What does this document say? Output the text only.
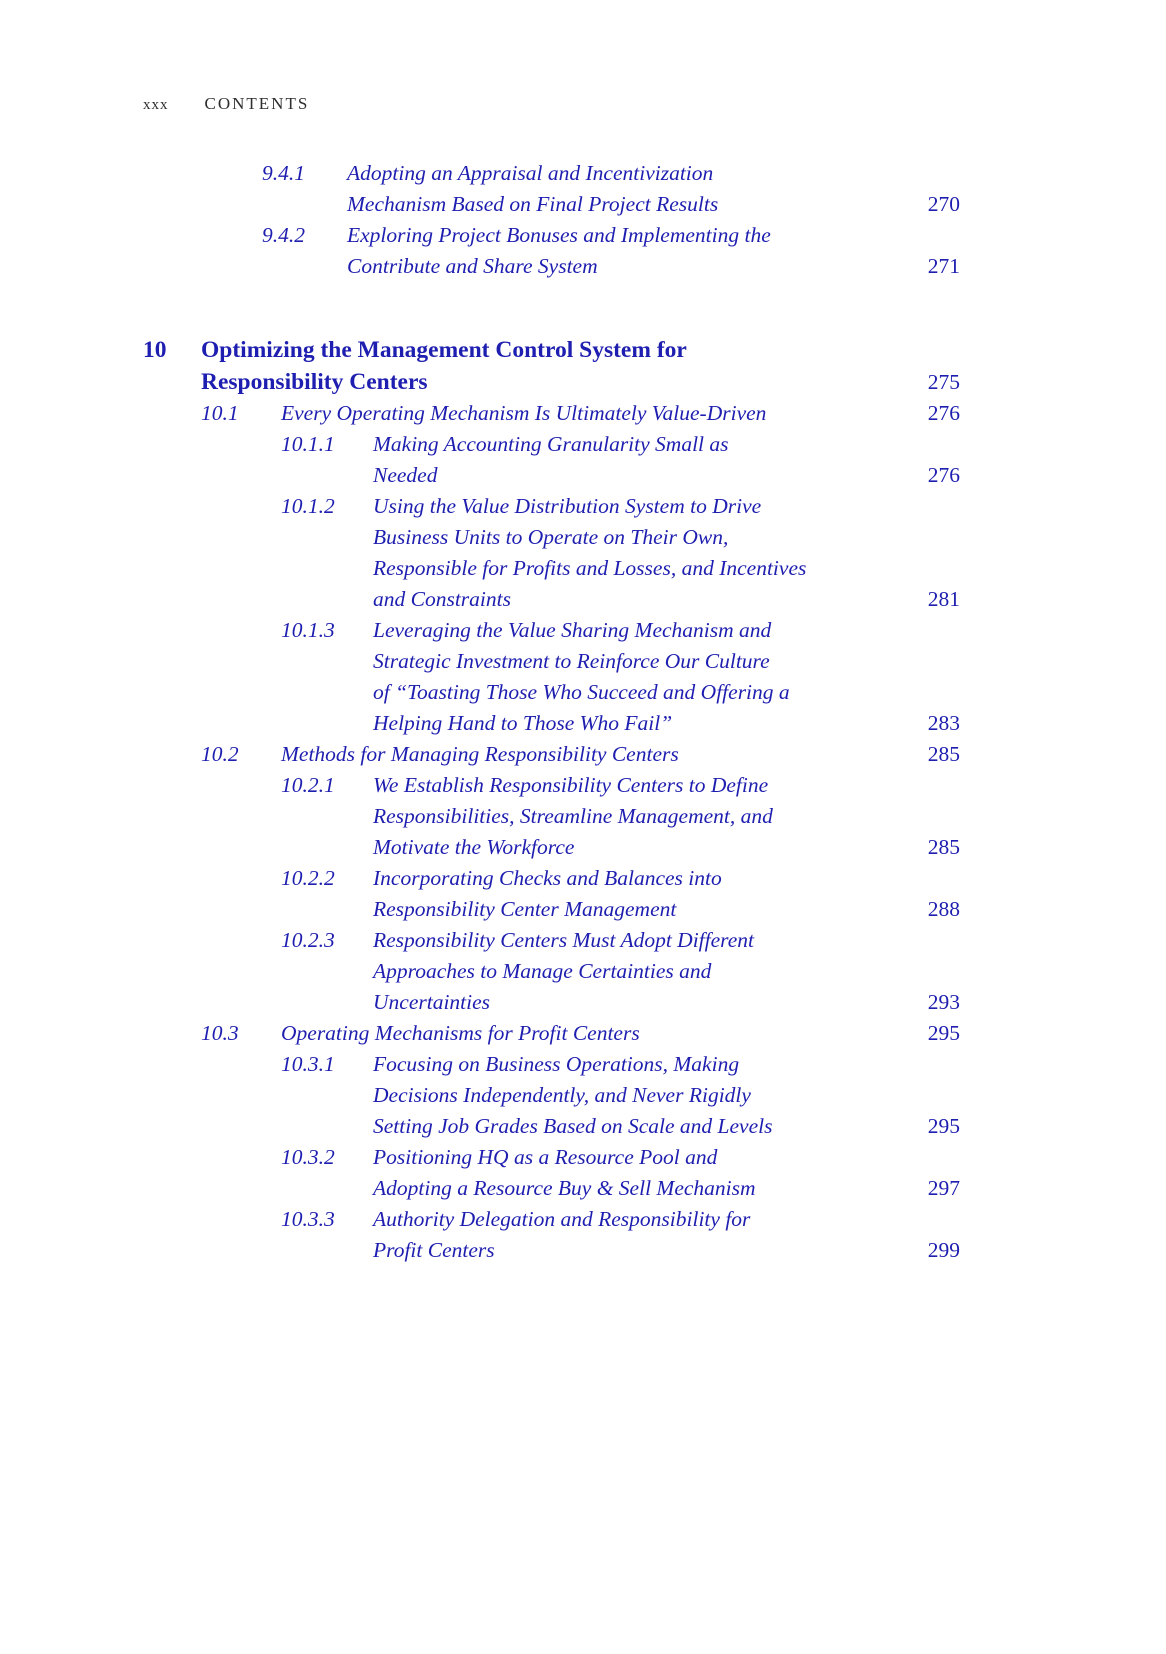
xxx CONTENTS
9.4.1	Adopting an Appraisal and Incentivization
Mechanism Based on Final Project Results	270
9.4.2	Exploring Project Bonuses and Implementing the
Contribute and Share System	271
10	Optimizing the Management Control System for
Responsibility Centers	275
10.1	Every Operating Mechanism Is Ultimately Value-Driven	276
10.1.1	Making Accounting Granularity Small as
Needed	276
10.1.2	Using the Value Distribution System to Drive
Business Units to Operate on Their Own,
Responsible for Profits and Losses, and Incentives
and Constraints	281
10.1.3	Leveraging the Value Sharing Mechanism and
Strategic Investment to Reinforce Our Culture
of “Toasting Those Who Succeed and Offering a
Helping Hand to Those Who Fail”	283
10.2	Methods for Managing Responsibility Centers	285
10.2.1	We Establish Responsibility Centers to Define
Responsibilities, Streamline Management, and
Motivate the Workforce	285
10.2.2	Incorporating Checks and Balances into
Responsibility Center Management	288
10.2.3	Responsibility Centers Must Adopt Different
Approaches to Manage Certainties and
Uncertainties	293
10.3	Operating Mechanisms for Profit Centers	295
10.3.1	Focusing on Business Operations, Making
Decisions Independently, and Never Rigidly
Setting Job Grades Based on Scale and Levels	295
10.3.2	Positioning HQ as a Resource Pool and
Adopting a Resource Buy & Sell Mechanism	297
10.3.3	Authority Delegation and Responsibility for
Profit Centers	299
